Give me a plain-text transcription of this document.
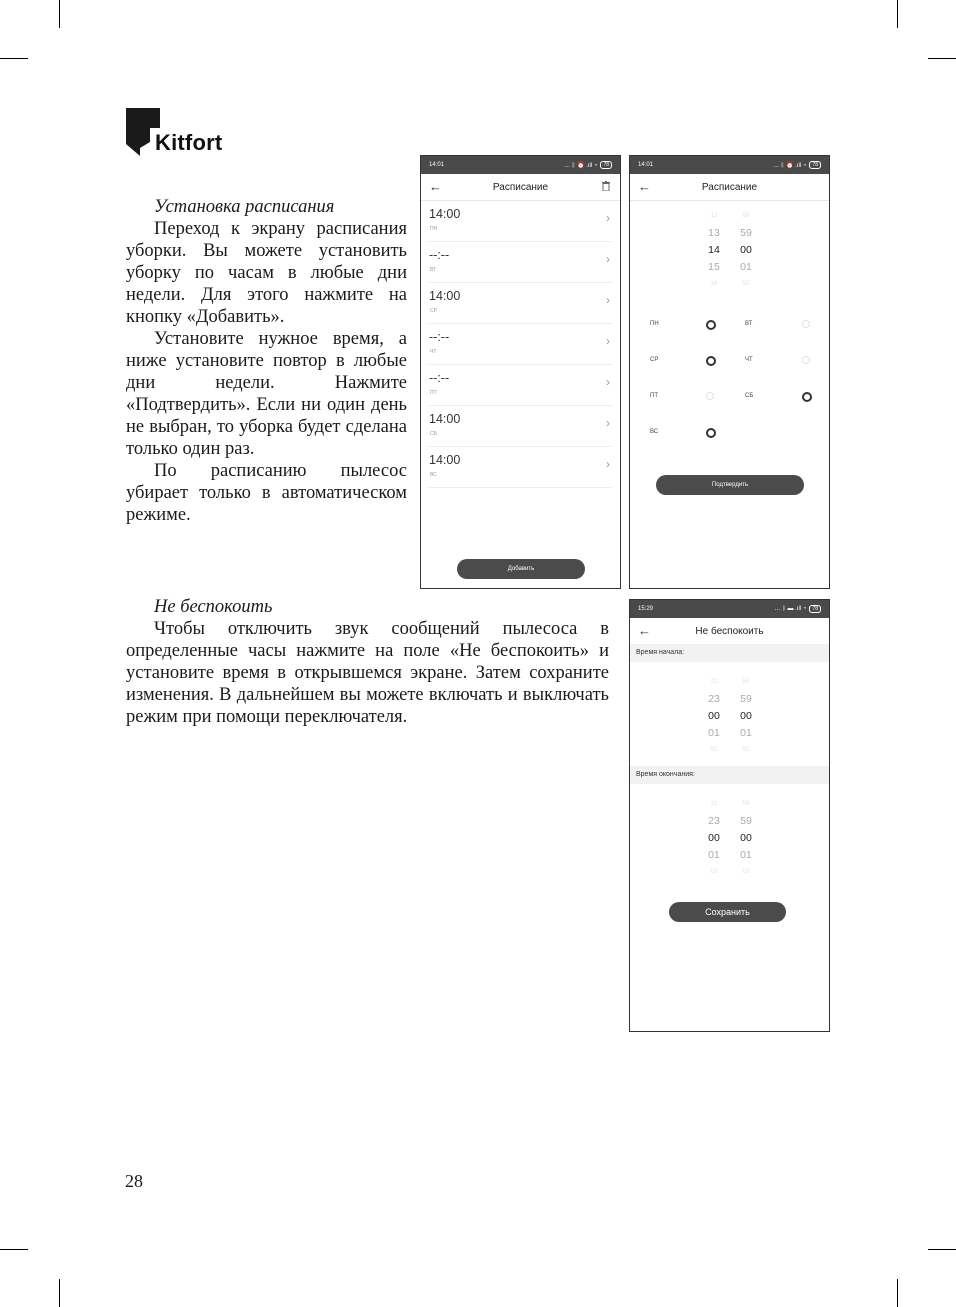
Kitfort

Установка расписания

Переход к экрану расписания уборки. Вы можете установить уборку по часам в любые дни недели. Для этого нажмите на кнопку «Добавить».

Установите нужное время, а ниже установите повтор в любые дни недели. Нажмите «Подтвердить». Если ни один день не выбран, то уборка будет сделана только один раз.

По расписанию пылесос убирает только в автоматическом режиме.

Не беспокоить

Чтобы отключить звук сообщений пылесоса в определенные часы нажмите на поле «Не беспокоить» и установите время в открывшемся экране. Затем сохраните изменения. В дальнейшем вы можете включать и выключать режим при помощи переключателя.

14:01	… ᛒ ⏰ .ıll ◔	78
←	Расписание
14:00
ПН
›
--:--
ВТ
›
14:00
СР
›
--:--
ЧТ
›
--:--
ПТ
›
14:00
СБ
›
14:00
ВС
›
Добавить
14:01	… ᛒ ⏰ .ıll ◔	78
←	Расписание
12
13
14
15
16
58
59
00
01
02
ПН	ВТ
СР	ЧТ
ПТ	СБ
ВС
Подтвердить
15:29	… ᛒ ▬ .ıll ◔	78
←	Не беспокоить
Время начала:
22
23
00
01
02
58
59
00
01
02
Время окончания:
22
23
00
01
02
58
59
00
01
02
Сохранить
28
